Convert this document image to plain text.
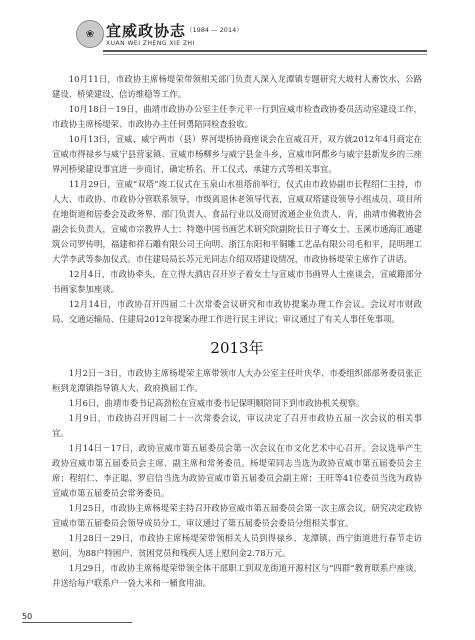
❀ 宜威政协志 （1984 — 2014）
XUAN WEI ZHENG XIE ZHI

10月11日，市政协主席杨堤荣带领相关部门负责人深入龙潭镇专题研究大坡村人畜饮水、公路建设、桥梁建设、信访维稳等工作。

10月18日－19日，曲靖市政协办公室主任李元平一行到宣威市检查政协委员活动室建设工作，市政协主席杨堤荣、市政协办主任何勇陪同检查验收。

10月13日，宣威、威宁两市（县）界河堤桥协商座谈会在宣威召开，双方就2012年4月商定在宣威市得禄乡与威宁县营家镇、宣威市杨柳乡与威宁县金斗乡，宣威市阿都乡与威宁县新发乡的三座界河桥梁建设事宜进一步商讨，确定桥名、开工仪式、承建方式等相关事宜。

11月29日，宣威“双塔”竣工仪式在玉泉山水祖塔前举行，仪式由市政协副市长程绍仁主持，市人大、市政协、市政协分管联系领导，市级离退休老领导代表，宣威双塔建设领导小组成员、项目所在地街道和居委会及政务界、部门负责人、食品行业以及商贸流通企业负责人、肯，曲靖市佛教协会副会长负责人，宣威市宗教界人士；特邀中国书画艺术研究院副院长日子骞女士、玉溪市通海汇通建筑公司罗传明，福建和祥石雕有限公司王向明、浙江东阳和平铜雕工艺品有限公司毛和平，昆明理工大学李武等参加仪式。市住建局局长苏元光同志介绍双塔建设情况，市政协杨堤荣主席作了讲话。

12月4日，市政协牵头，在立得大酒店召开岁子着女士与宣威市书画界人士座谈会，宣威籍部分书画家参加座谈。

12月14日，市政协召开四届二十次常委会议研究和市政协提案办理工作会议。会议对市财政局、交通运输局、住建局2012年提案办理工作进行民主评议；审议通过了有关人事任免事项。

2013年

1月2日－3日，市政协主席杨堤荣主席带领市人大办公室主任叶庆华、市委组织部部务委员张正桓到龙潭镇指导镇人大、政府换届工作。

1月6日，曲靖市委书记高劲松在宣威市委书记保明顺陪同下到市政协机关视察。

1月9日，市政协召开四届二十一次常委会议，审议决定了召开市政协五届一次会议的相关事宜。

1月14日－17日，政协宣威市第五届委员会第一次会议在市文化艺术中心召开。会议选举产生政协宣威市第五届委员会主席、副主席和常务委员。杨堤荣同志当选为政协宣威市第五届委员会主席；程绍仁、李正聪、罗启信当选为政协宣威市第五届委员会副主席；王旺等41位委员当选为政协宣威市第五届委员会常务委员。

1月25日，市政协主席杨堤荣主持召开政协宣威市第五届委员会第一次主席会议，研究决定政协宣威市第五届委员会领导成员分工，审议通过了第五届委员会委员分组相关事宜。

1月28日－29日，市政协主席杨堤荣带领相关人员到得禄乡、龙潭镇、西宁街道进行春节走访慰问，为88户特困户、贫困党员和残疾人送上慰问金2.78万元。

1月29日，市政协主席杨堤荣带领全体干部职工到双龙街道开源村区与“四群”教育联系户座谈，并送给每户联系户一袋大米和一桶食用油。

50
